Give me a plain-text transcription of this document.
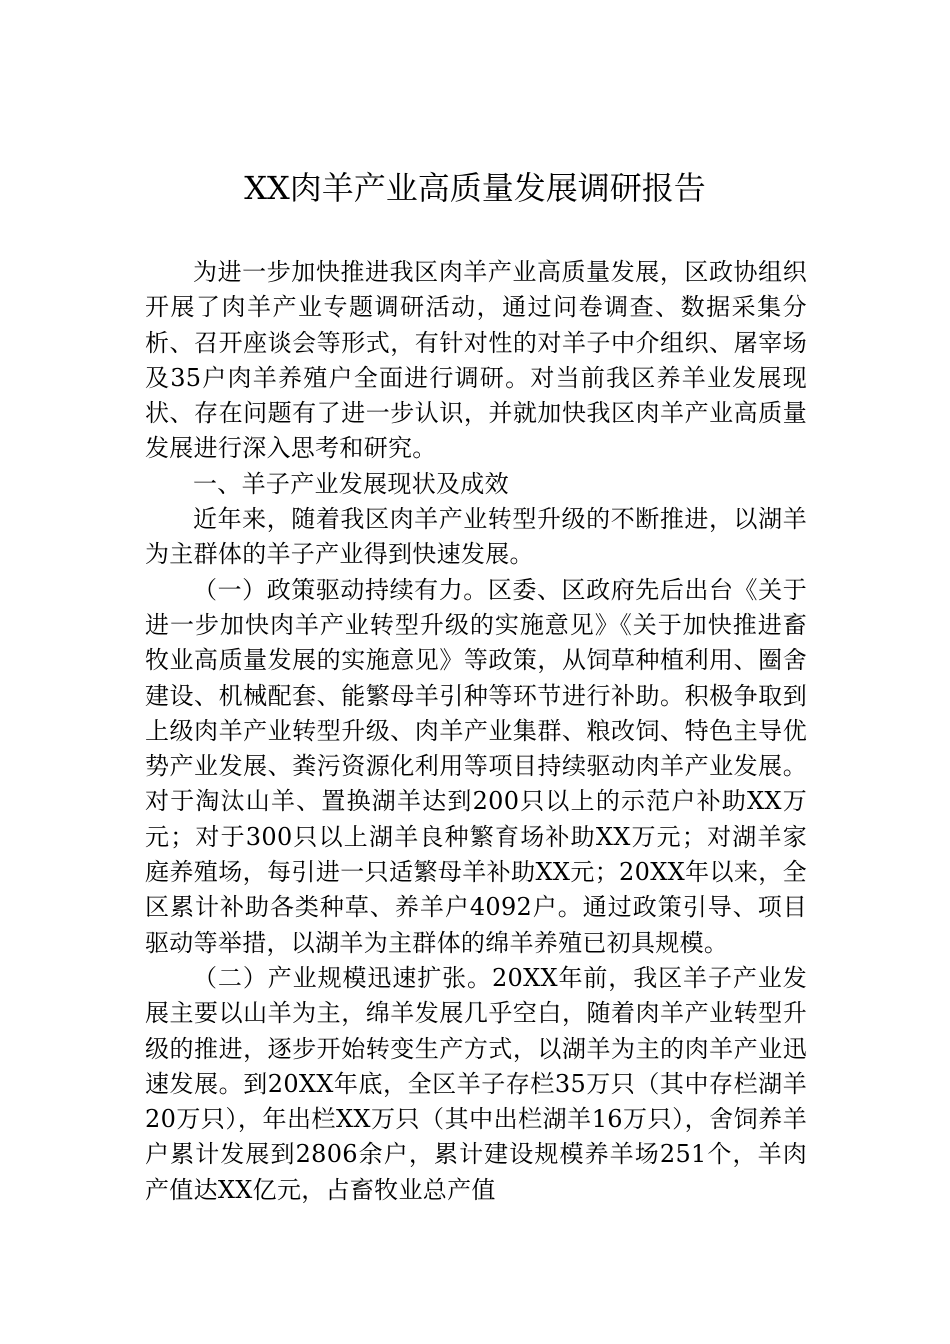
XX肉羊产业高质量发展调研报告

为进一步加快推进我区肉羊产业高质量发展，区政协组织开展了肉羊产业专题调研活动，通过问卷调查、数据采集分析、召开座谈会等形式，有针对性的对羊子中介组织、屠宰场及35户肉羊养殖户全面进行调研。对当前我区养羊业发展现状、存在问题有了进一步认识，并就加快我区肉羊产业高质量发展进行深入思考和研究。

一、羊子产业发展现状及成效

近年来，随着我区肉羊产业转型升级的不断推进，以湖羊为主群体的羊子产业得到快速发展。

（一）政策驱动持续有力。区委、区政府先后出台《关于进一步加快肉羊产业转型升级的实施意见》《关于加快推进畜牧业高质量发展的实施意见》等政策，从饲草种植利用、圈舍建设、机械配套、能繁母羊引种等环节进行补助。积极争取到上级肉羊产业转型升级、肉羊产业集群、粮改饲、特色主导优势产业发展、粪污资源化利用等项目持续驱动肉羊产业发展。对于淘汰山羊、置换湖羊达到200只以上的示范户补助XX万元；对于300只以上湖羊良种繁育场补助XX万元；对湖羊家庭养殖场，每引进一只适繁母羊补助XX元；20XX年以来，全区累计补助各类种草、养羊户4092户。通过政策引导、项目驱动等举措，以湖羊为主群体的绵羊养殖已初具规模。

（二）产业规模迅速扩张。20XX年前，我区羊子产业发展主要以山羊为主，绵羊发展几乎空白，随着肉羊产业转型升级的推进，逐步开始转变生产方式，以湖羊为主的肉羊产业迅速发展。到20XX年底，全区羊子存栏35万只（其中存栏湖羊20万只），年出栏XX万只（其中出栏湖羊16万只），舍饲养羊户累计发展到2806余户，累计建设规模养羊场251个，羊肉产值达XX亿元，占畜牧业总产值
